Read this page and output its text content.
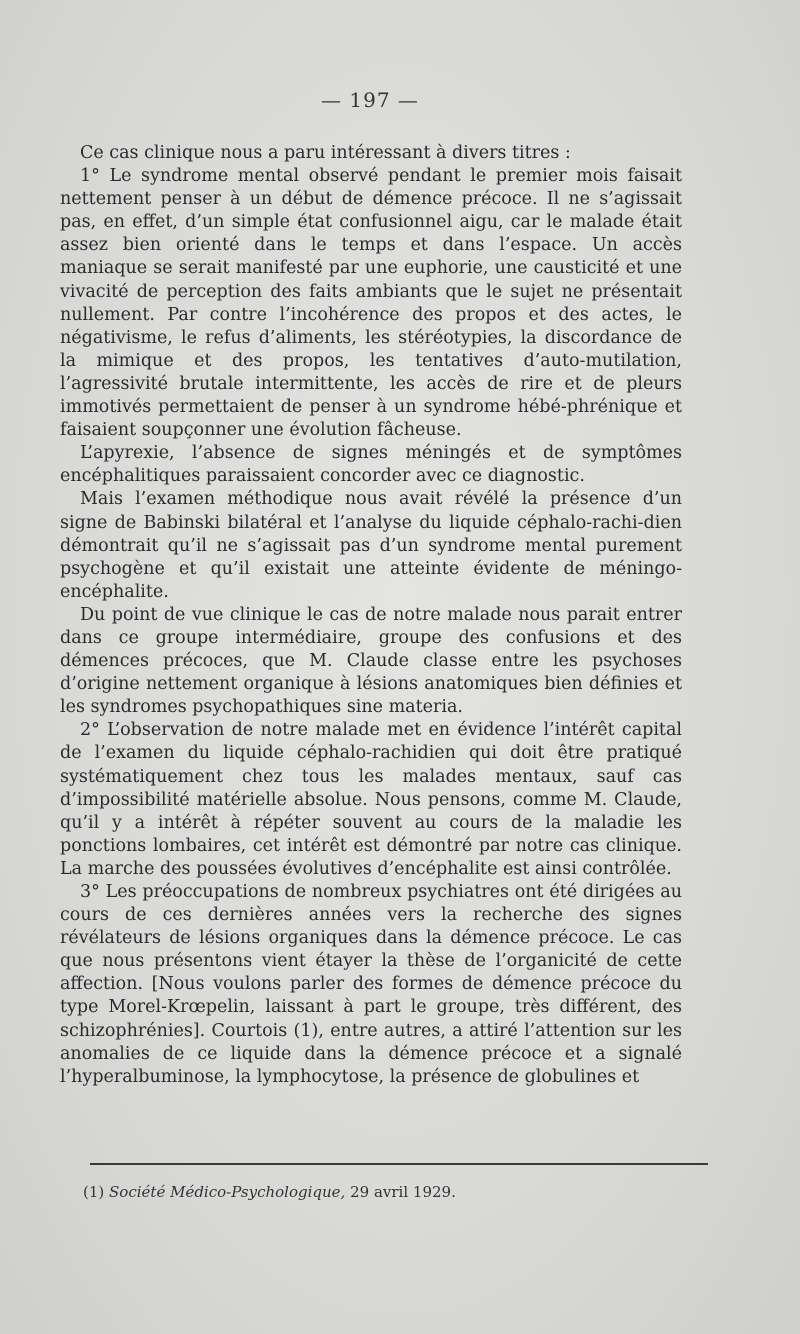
— 197 —

Ce cas clinique nous a paru intéressant à divers titres :

1° Le syndrome mental observé pendant le premier mois faisait nettement penser à un début de démence précoce. Il ne s’agissait pas, en effet, d’un simple état confusionnel aigu, car le malade était assez bien orienté dans le temps et dans l’espace. Un accès maniaque se serait manifesté par une euphorie, une causticité et une vivacité de perception des faits ambiants que le sujet ne présentait nullement. Par contre l’incohérence des propos et des actes, le négativisme, le refus d’aliments, les stéréotypies, la discordance de la mimique et des propos, les tentatives d’auto-mutilation, l’agressivité brutale intermittente, les accès de rire et de pleurs immotivés permettaient de penser à un syndrome hébé-phrénique et faisaient soupçonner une évolution fâcheuse.

L’apyrexie, l’absence de signes méningés et de symptômes encéphalitiques paraissaient concorder avec ce diagnostic.

Mais l’examen méthodique nous avait révélé la présence d’un signe de Babinski bilatéral et l’analyse du liquide céphalo-rachi-dien démontrait qu’il ne s’agissait pas d’un syndrome mental purement psychogène et qu’il existait une atteinte évidente de méningo-encéphalite.

Du point de vue clinique le cas de notre malade nous parait entrer dans ce groupe intermédiaire, groupe des confusions et des démences précoces, que M. Claude classe entre les psychoses d’origine nettement organique à lésions anatomiques bien définies et les syndromes psychopathiques sine materia.

2° L’observation de notre malade met en évidence l’intérêt capital de l’examen du liquide céphalo-rachidien qui doit être pratiqué systématiquement chez tous les malades mentaux, sauf cas d’impossibilité matérielle absolue. Nous pensons, comme M. Claude, qu’il y a intérêt à répéter souvent au cours de la maladie les ponctions lombaires, cet intérêt est démontré par notre cas clinique. La marche des poussées évolutives d’encéphalite est ainsi contrôlée.

3° Les préoccupations de nombreux psychiatres ont été dirigées au cours de ces dernières années vers la recherche des signes révélateurs de lésions organiques dans la démence précoce. Le cas que nous présentons vient étayer la thèse de l’organicité de cette affection. [Nous voulons parler des formes de démence précoce du type Morel-Krœpelin, laissant à part le groupe, très différent, des schizophrénies]. Courtois (1), entre autres, a attiré l’attention sur les anomalies de ce liquide dans la démence précoce et a signalé l’hyperalbuminose, la lymphocytose, la présence de globulines et

(1) Société Médico-Psychologique, 29 avril 1929.
